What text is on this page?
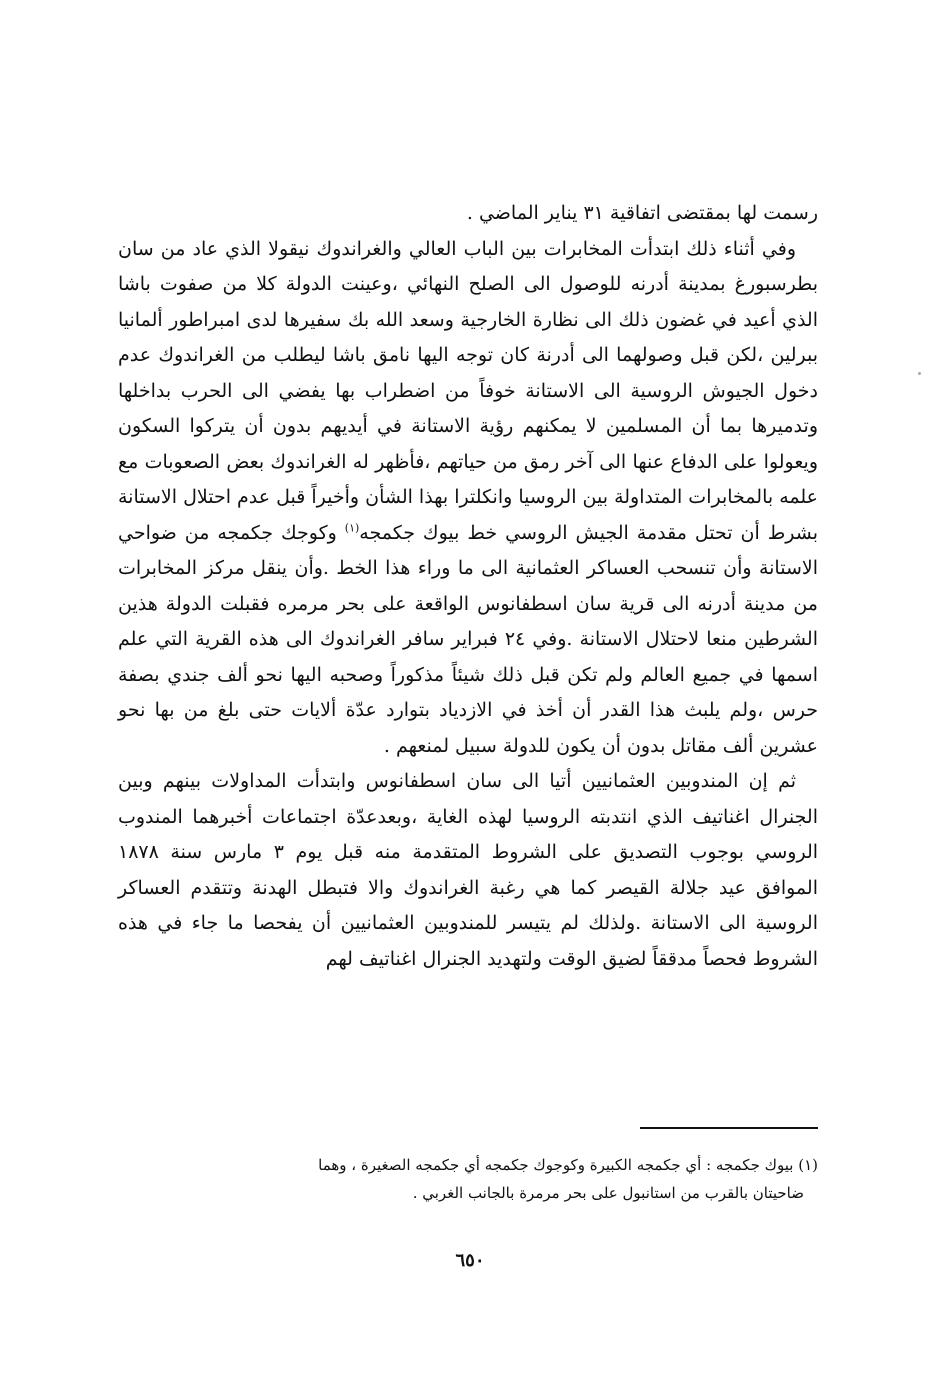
رسمت لها بمقتضى اتفاقية ٣١ يناير الماضي .

وفي أثناء ذلك ابتدأت المخابرات بين الباب العالي والغراندوك نيقولا الذي عاد من سان بطرسبورغ بمدينة أدرنه للوصول الى الصلح النهائي ،وعينت الدولة كلا من صفوت باشا الذي أعيد في غضون ذلك الى نظارة الخارجية وسعد الله بك سفيرها لدى امبراطور ألمانيا ببرلين ،لكن قبل وصولهما الى أدرنة كان توجه اليها نامق باشا ليطلب من الغراندوك عدم دخول الجيوش الروسية الى الاستانة خوفاً من اضطراب بها يفضي الى الحرب بداخلها وتدميرها بما أن المسلمين لا يمكنهم رؤية الاستانة في أيديهم بدون أن يتركوا السكون ويعولوا على الدفاع عنها الى آخر رمق من حياتهم ،فأظهر له الغراندوك بعض الصعوبات مع علمه بالمخابرات المتداولة بين الروسيا وانكلترا بهذا الشأن وأخيراً قبل عدم احتلال الاستانة بشرط أن تحتل مقدمة الجيش الروسي خط بيوك جكمجه$^{(١)}$ وكوجك جكمجه من ضواحي الاستانة وأن تنسحب العساكر العثمانية الى ما وراء هذا الخط .وأن ينقل مركز المخابرات من مدينة أدرنه الى قرية سان اسطفانوس الواقعة على بحر مرمره فقبلت الدولة هذين الشرطين منعا لاحتلال الاستانة .وفي ٢٤ فبراير سافر الغراندوك الى هذه القرية التي علم اسمها في جميع العالم ولم تكن قبل ذلك شيئاً مذكوراً وصحبه اليها نحو ألف جندي بصفة حرس ،ولم يلبث هذا القدر أن أخذ في الازدياد بتوارد عدّة ألايات حتى بلغ من بها نحو عشرين ألف مقاتل بدون أن يكون للدولة سبيل لمنعهم .

ثم إن المندوبين العثمانيين أتيا الى سان اسطفانوس وابتدأت المداولات بينهم وبين الجنرال اغناتيف الذي انتدبته الروسيا لهذه الغاية ،وبعدعدّة اجتماعات أخبرهما المندوب الروسي بوجوب التصديق على الشروط المتقدمة منه قبل يوم ٣ مارس سنة ١٨٧٨ الموافق عيد جلالة القيصر كما هي رغبة الغراندوك والا فتبطل الهدنة وتتقدم العساكر الروسية الى الاستانة .ولذلك لم يتيسر للمندوبين العثمانيين أن يفحصا ما جاء في هذه الشروط فحصاً مدققاً لضيق الوقت ولتهديد الجنرال اغناتيف لهم

(١) بيوك جكمجه : أي جكمجه الكبيرة وكوجوك جكمجه أي جكمجه الصغيرة ، وهما

ضاحيتان بالقرب من استانبول على بحر مرمرة بالجانب الغربي .

٦٥٠
